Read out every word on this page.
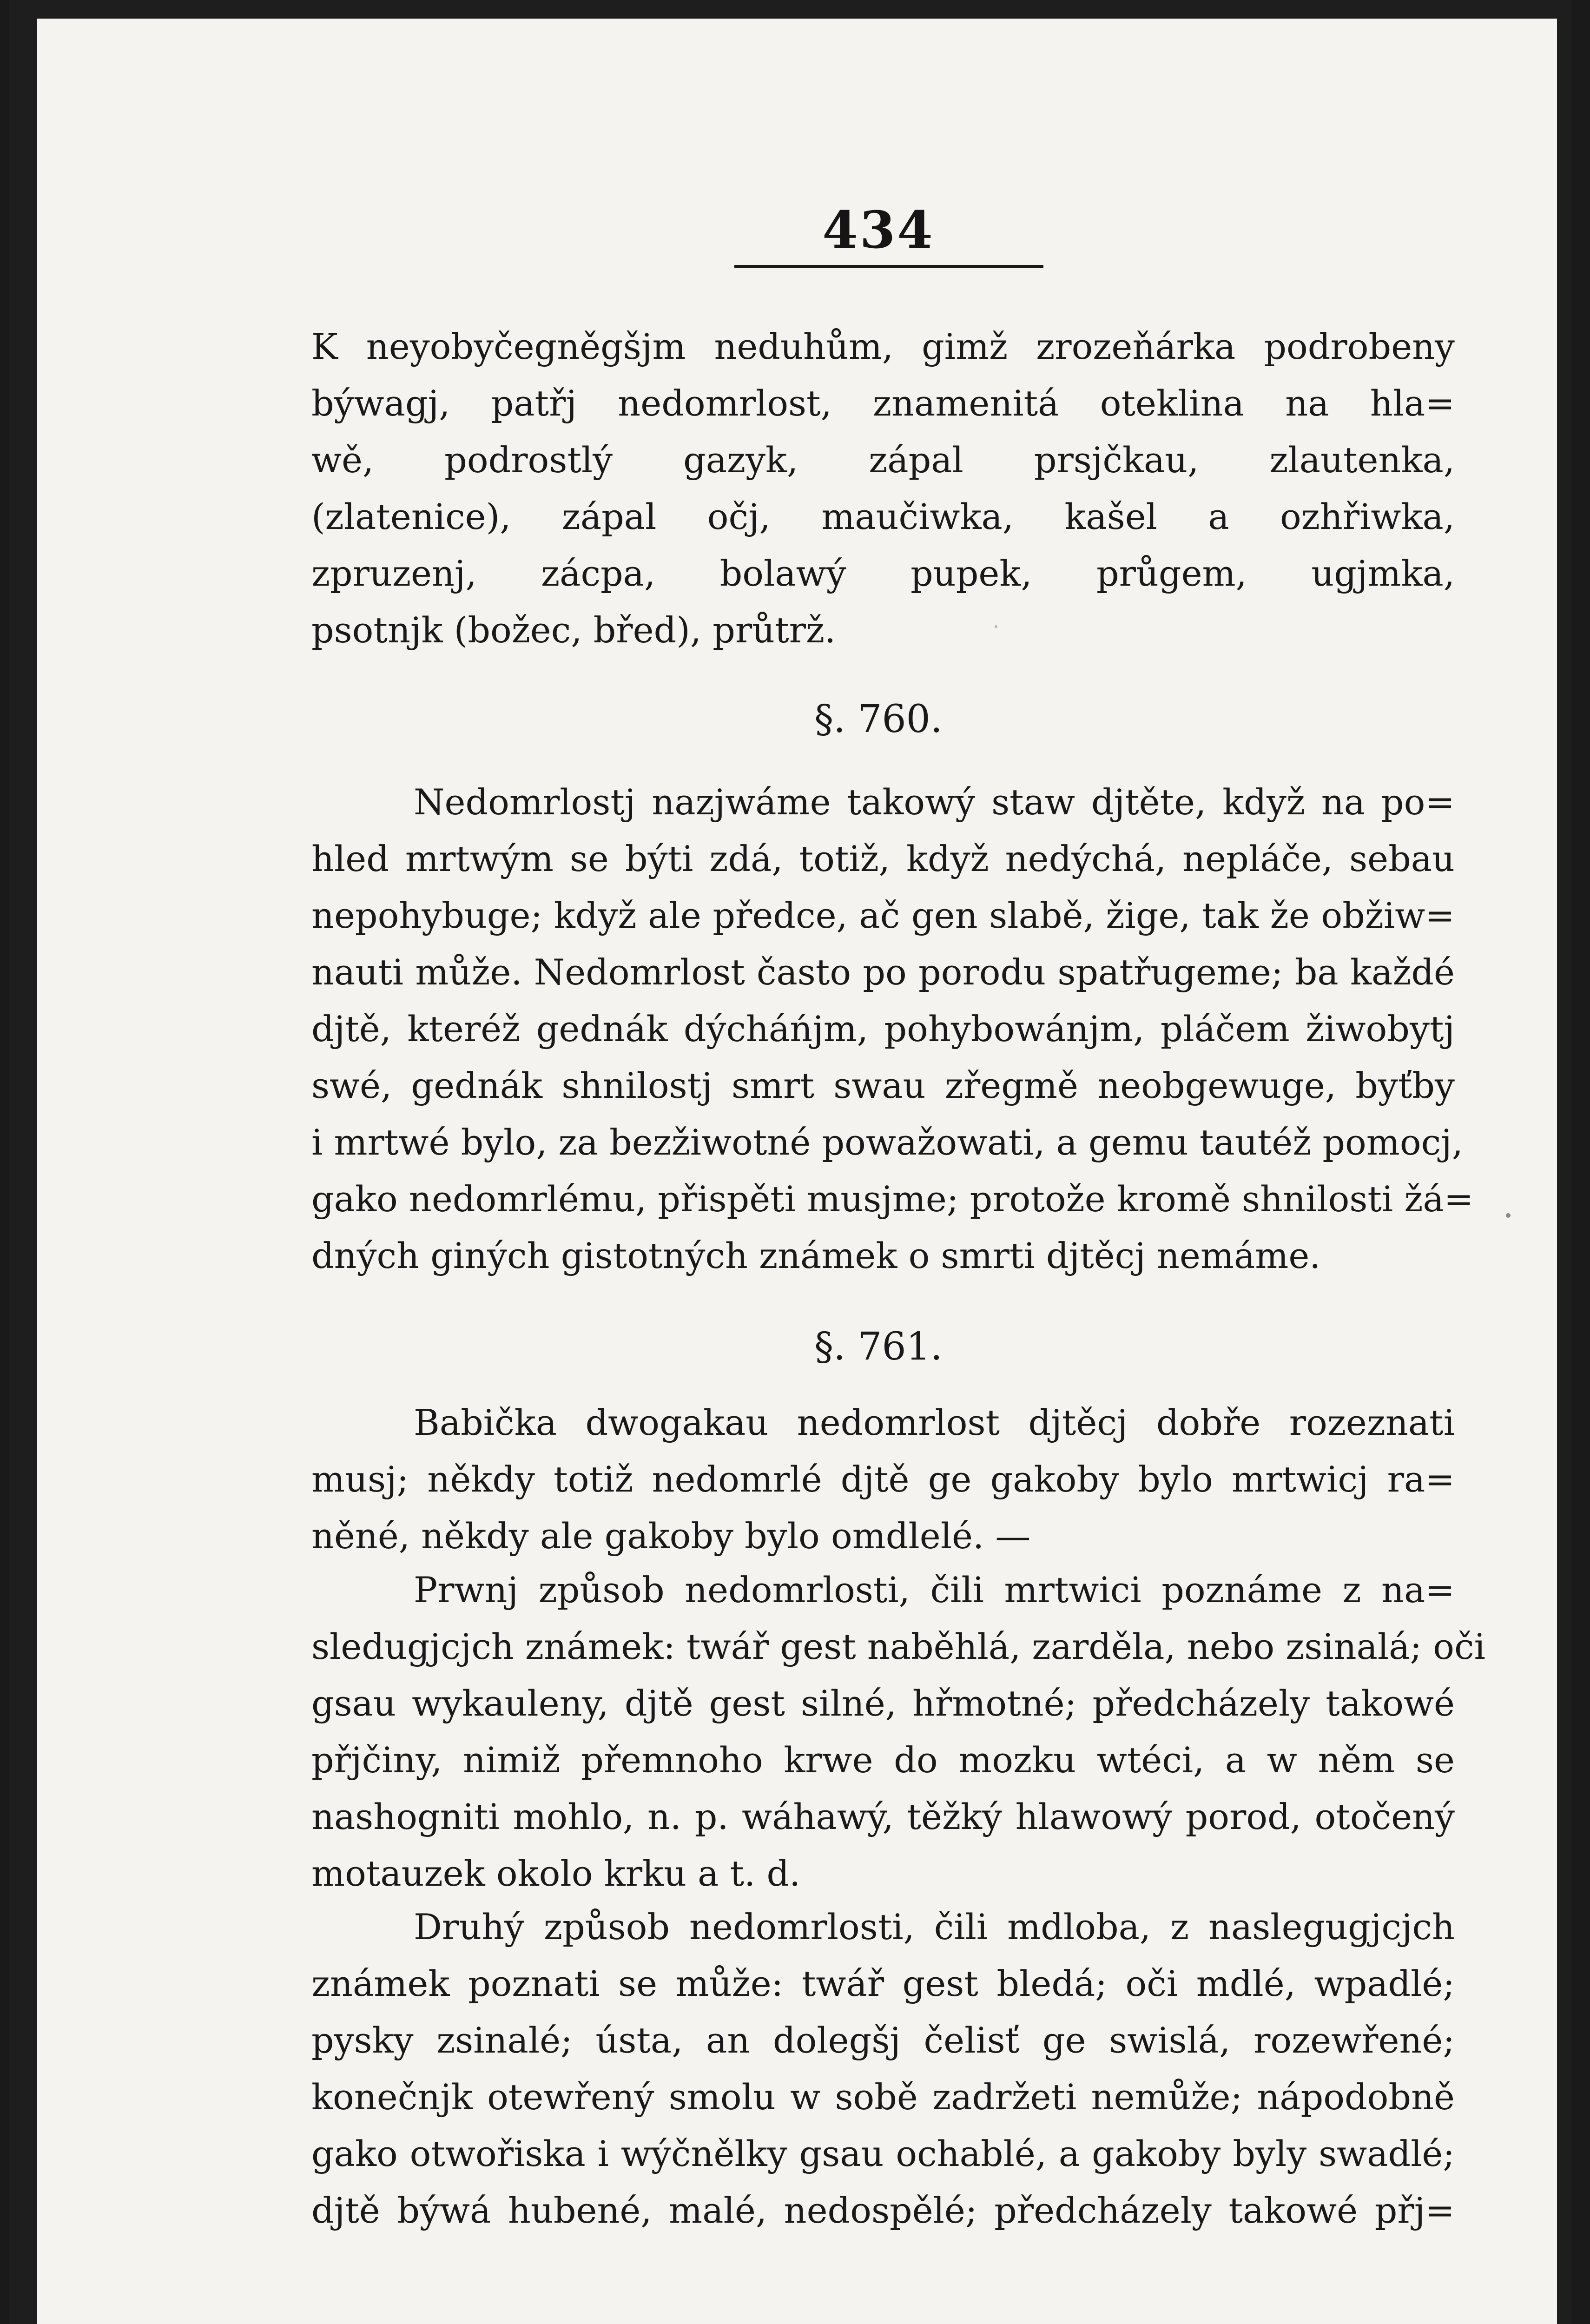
434
K neyobyčegněgšjm neduhům, gimž zrozeňárka podrobeny
býwagj, patřj nedomrlost, znamenitá oteklina na hla=
wě, podrostlý gazyk, zápal prsjčkau, zlautenka,
(zlatenice), zápal očj, maučiwka, kašel a ozhřiwka,
zpruzenj, zácpa, bolawý pupek, průgem, ugjmka,
psotnjk (božec, břed), průtrž.
§. 760.
Nedomrlostj nazjwáme takowý staw djtěte, když na po=
hled mrtwým se býti zdá, totiž, když nedýchá, nepláče, sebau
nepohybuge; když ale předce, ač gen slabě, žige, tak že obžiw=
nauti může. Nedomrlost často po porodu spatřugeme; ba každé
djtě, kteréž gednák dýcháńjm, pohybowánjm, pláčem žiwobytj
swé, gednák shnilostj smrt swau zřegmě neobgewuge, byťby
i mrtwé bylo, za bezžiwotné powažowati, a gemu tautéž pomocj,
gako nedomrlému, přispěti musjme; protože kromě shnilosti žá=
dných giných gistotných známek o smrti djtěcj nemáme.
§. 761.
Babička dwogakau nedomrlost djtěcj dobře rozeznati
musj; někdy totiž nedomrlé djtě ge gakoby bylo mrtwicj ra=
něné, někdy ale gakoby bylo omdlelé. —
Prwnj způsob nedomrlosti, čili mrtwici poznáme z na=
sledugjcjch známek: twář gest naběhlá, zarděla, nebo zsinalá; oči
gsau wykauleny, djtě gest silné, hřmotné; předcházely takowé
přjčiny, nimiž přemnoho krwe do mozku wtéci, a w něm se
nashogniti mohlo, n. p. wáhawý, těžký hlawowý porod, otočený
motauzek okolo krku a t. d.
Druhý způsob nedomrlosti, čili mdloba, z naslegugjcjch
známek poznati se může: twář gest bledá; oči mdlé, wpadlé;
pysky zsinalé; ústa, an dolegšj čelisť ge swislá, rozewřené;
konečnjk otewřený smolu w sobě zadržeti nemůže; nápodobně
gako otwořiska i wýčnělky gsau ochablé, a gakoby byly swadlé;
djtě býwá hubené, malé, nedospělé; předcházely takowé přj=
